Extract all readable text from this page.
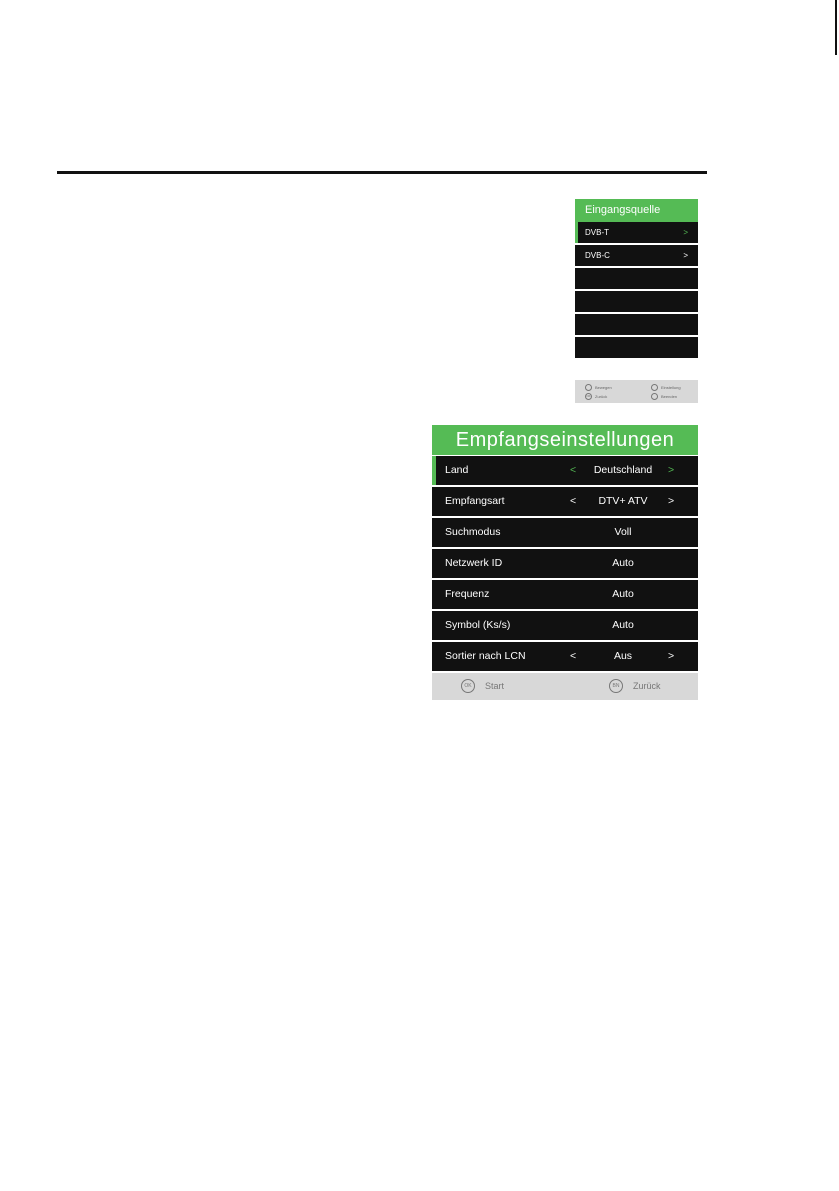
Eingangsquelle
DVB-T	>
DVB-C	>
Bewegen	Einstellung
OK	Zurück	Beenden
Empfangseinstellungen
Land	<	Deutschland	>
Empfangsart	<	DTV+ ATV	>
Suchmodus	Voll
Netzwerk ID	Auto
Frequenz	Auto
Symbol (Ks/s)	Auto
Sortier nach LCN	<	Aus	>
OK	Start	BN	Zurück
